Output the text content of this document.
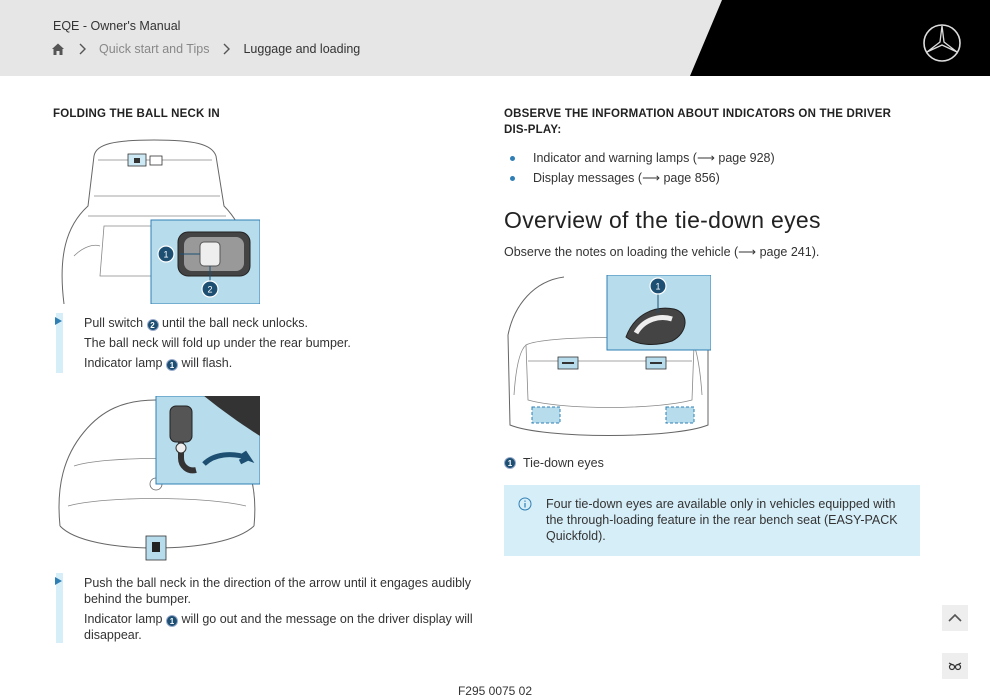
EQE - Owner's Manual
Quick start and Tips	Luggage and loading
FOLDING THE BALL NECK IN
1
2

Pull switch 2 until the ball neck unlocks.

The ball neck will fold up under the rear bumper.

Indicator lamp 1 will flash.

Push the ball neck in the direction of the arrow until it engages audibly behind the bumper.

Indicator lamp 1 will go out and the message on the driver display will disappear.

OBSERVE THE INFORMATION ABOUT INDICATORS ON THE DRIVER DIS-PLAY:
Indicator and warning lamps (⟶ page 928)
Display messages (⟶ page 856)
Overview of the tie-down eyes
Observe the notes on loading the vehicle (⟶ page 241).
1
1 Tie-down eyes
Four tie-down eyes are available only in vehicles equipped with the through-loading feature in the rear bench seat (EASY-PACK Quickfold).
F295 0075 02
